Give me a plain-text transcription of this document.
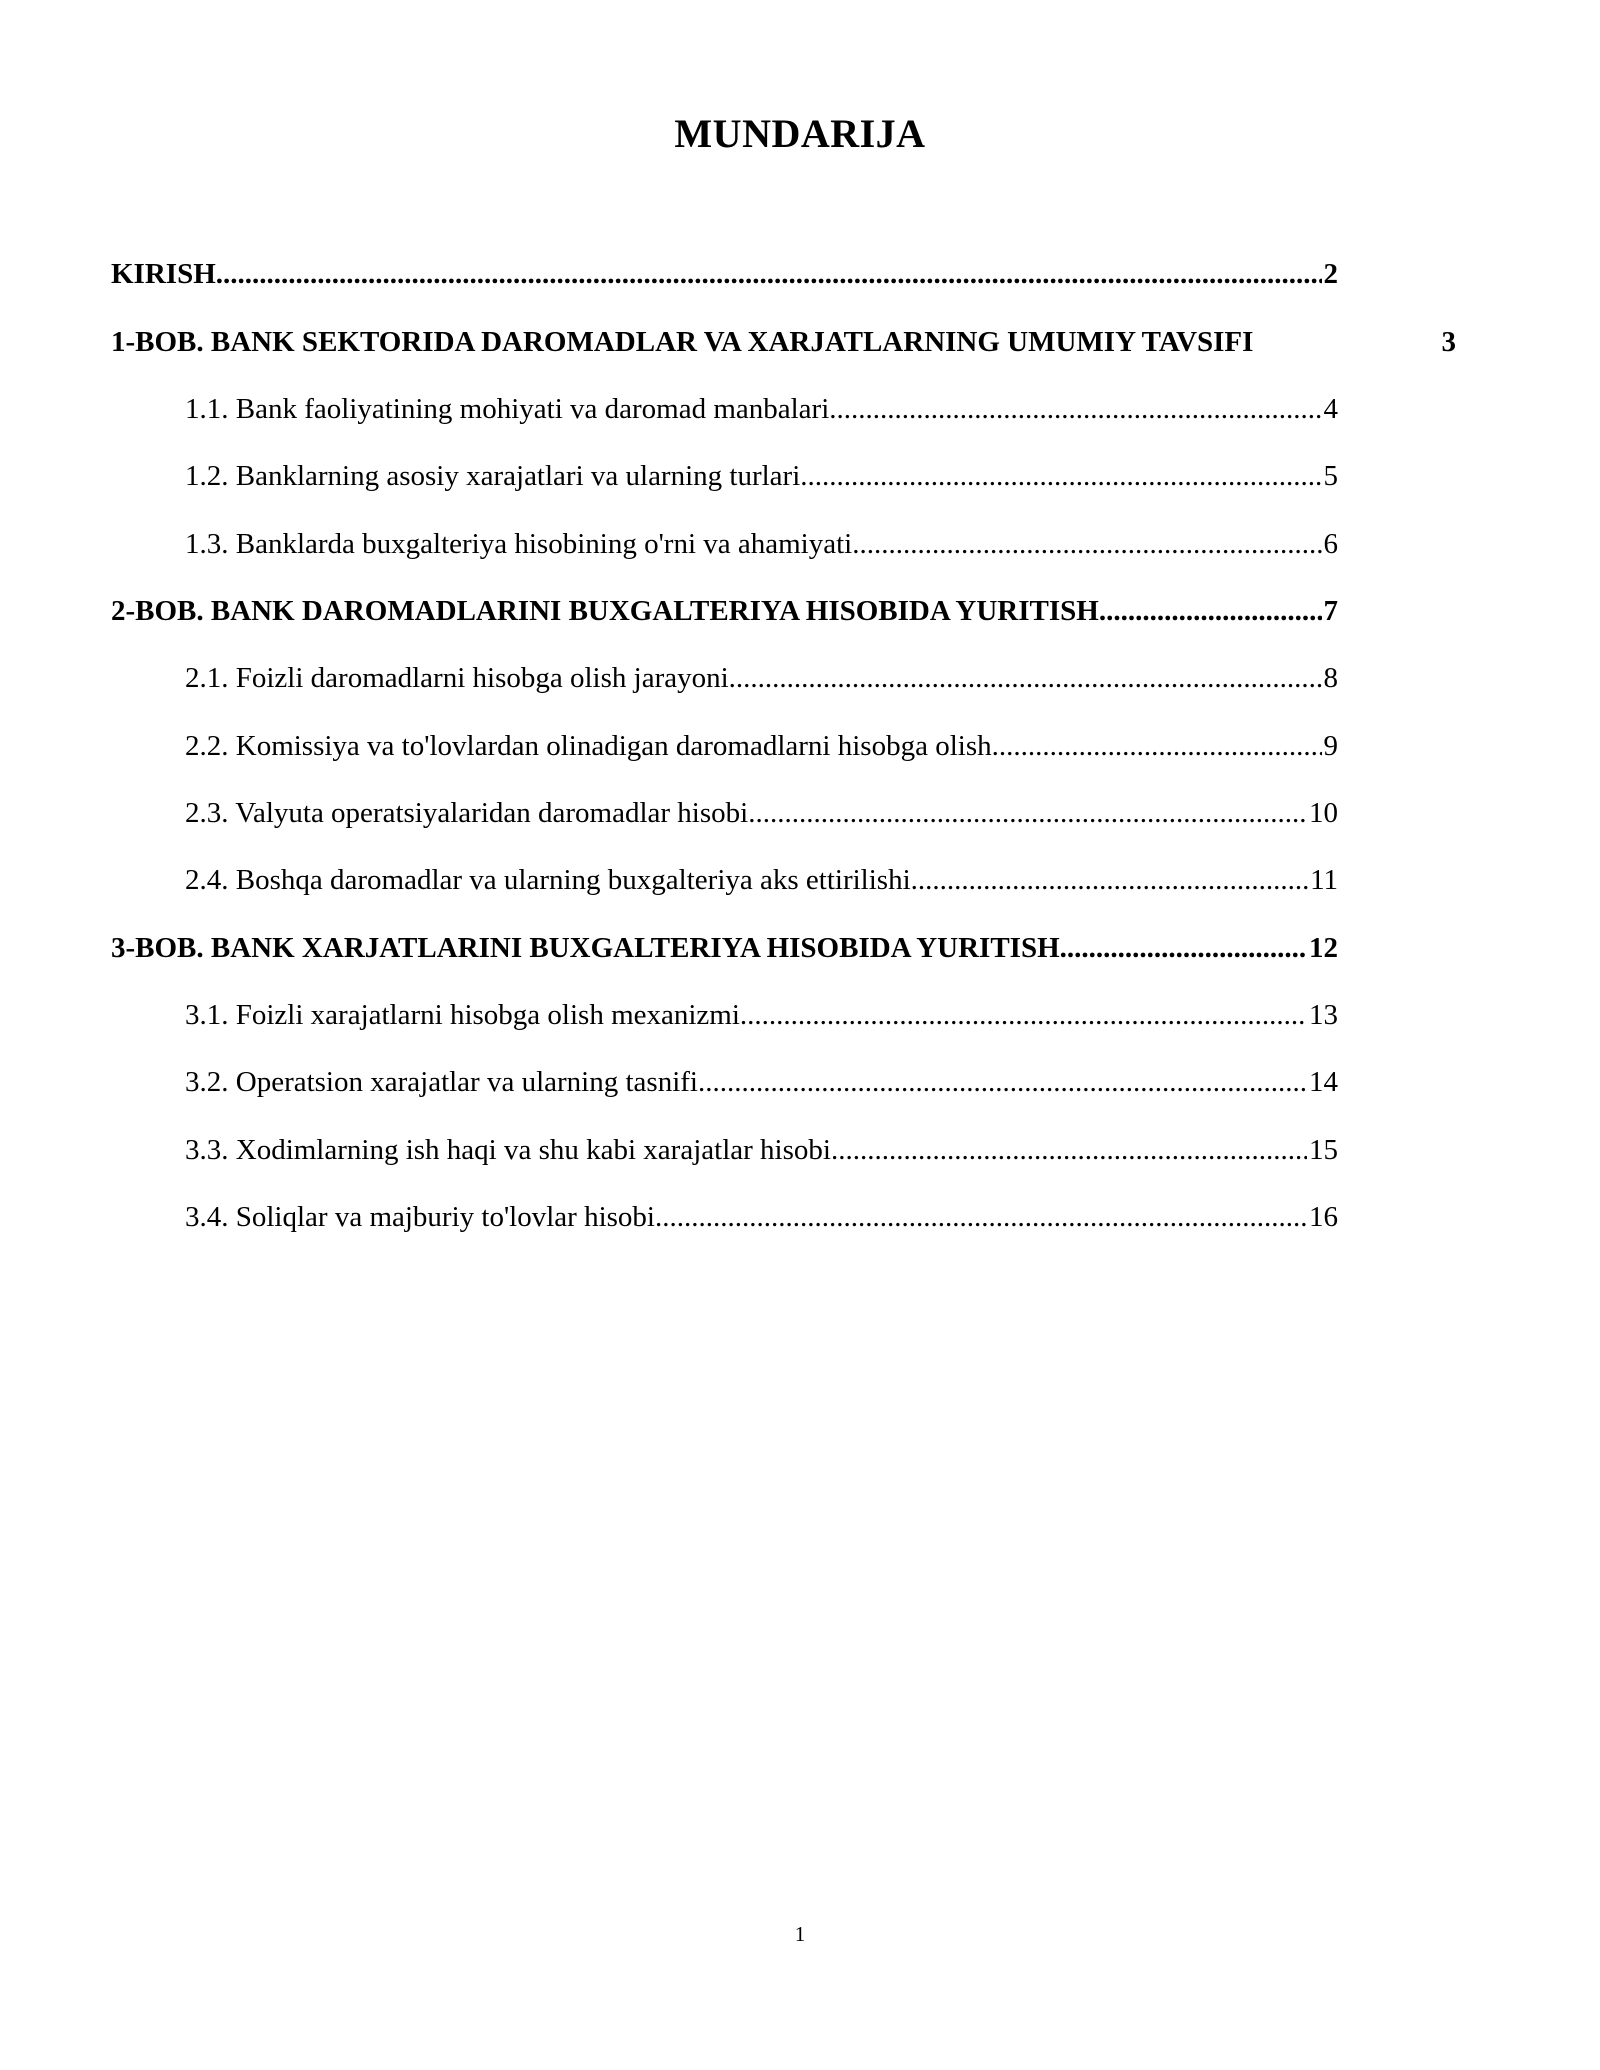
MUNDARIJA
KIRISH .....	2
1-BOB. BANK SEKTORIDA DAROMADLAR VA XARJATLARNING UMUMIY TAVSIFI	3
1.1. Bank faoliyatining mohiyati va daromad manbalari .....	4
1.2. Banklarning asosiy xarajatlari va ularning turlari .....	5
1.3. Banklarda buxgalteriya hisobining o'rni va ahamiyati .....	6
2-BOB. BANK DAROMADLARINI BUXGALTERIYA HISOBIDA YURITISH .....	7
2.1. Foizli daromadlarni hisobga olish jarayoni .....	8
2.2. Komissiya va to'lovlardan olinadigan daromadlarni hisobga olish .....	9
2.3. Valyuta operatsiyalaridan daromadlar hisobi .....	10
2.4. Boshqa daromadlar va ularning buxgalteriya aks ettirilishi .....	11
3-BOB. BANK XARJATLARINI BUXGALTERIYA HISOBIDA YURITISH .....	12
3.1. Foizli xarajatlarni hisobga olish mexanizmi .....	13
3.2. Operatsion xarajatlar va ularning tasnifi .....	14
3.3. Xodimlarning ish haqi va shu kabi xarajatlar hisobi .....	15
3.4. Soliqlar va majburiy to'lovlar hisobi .....	16
1
